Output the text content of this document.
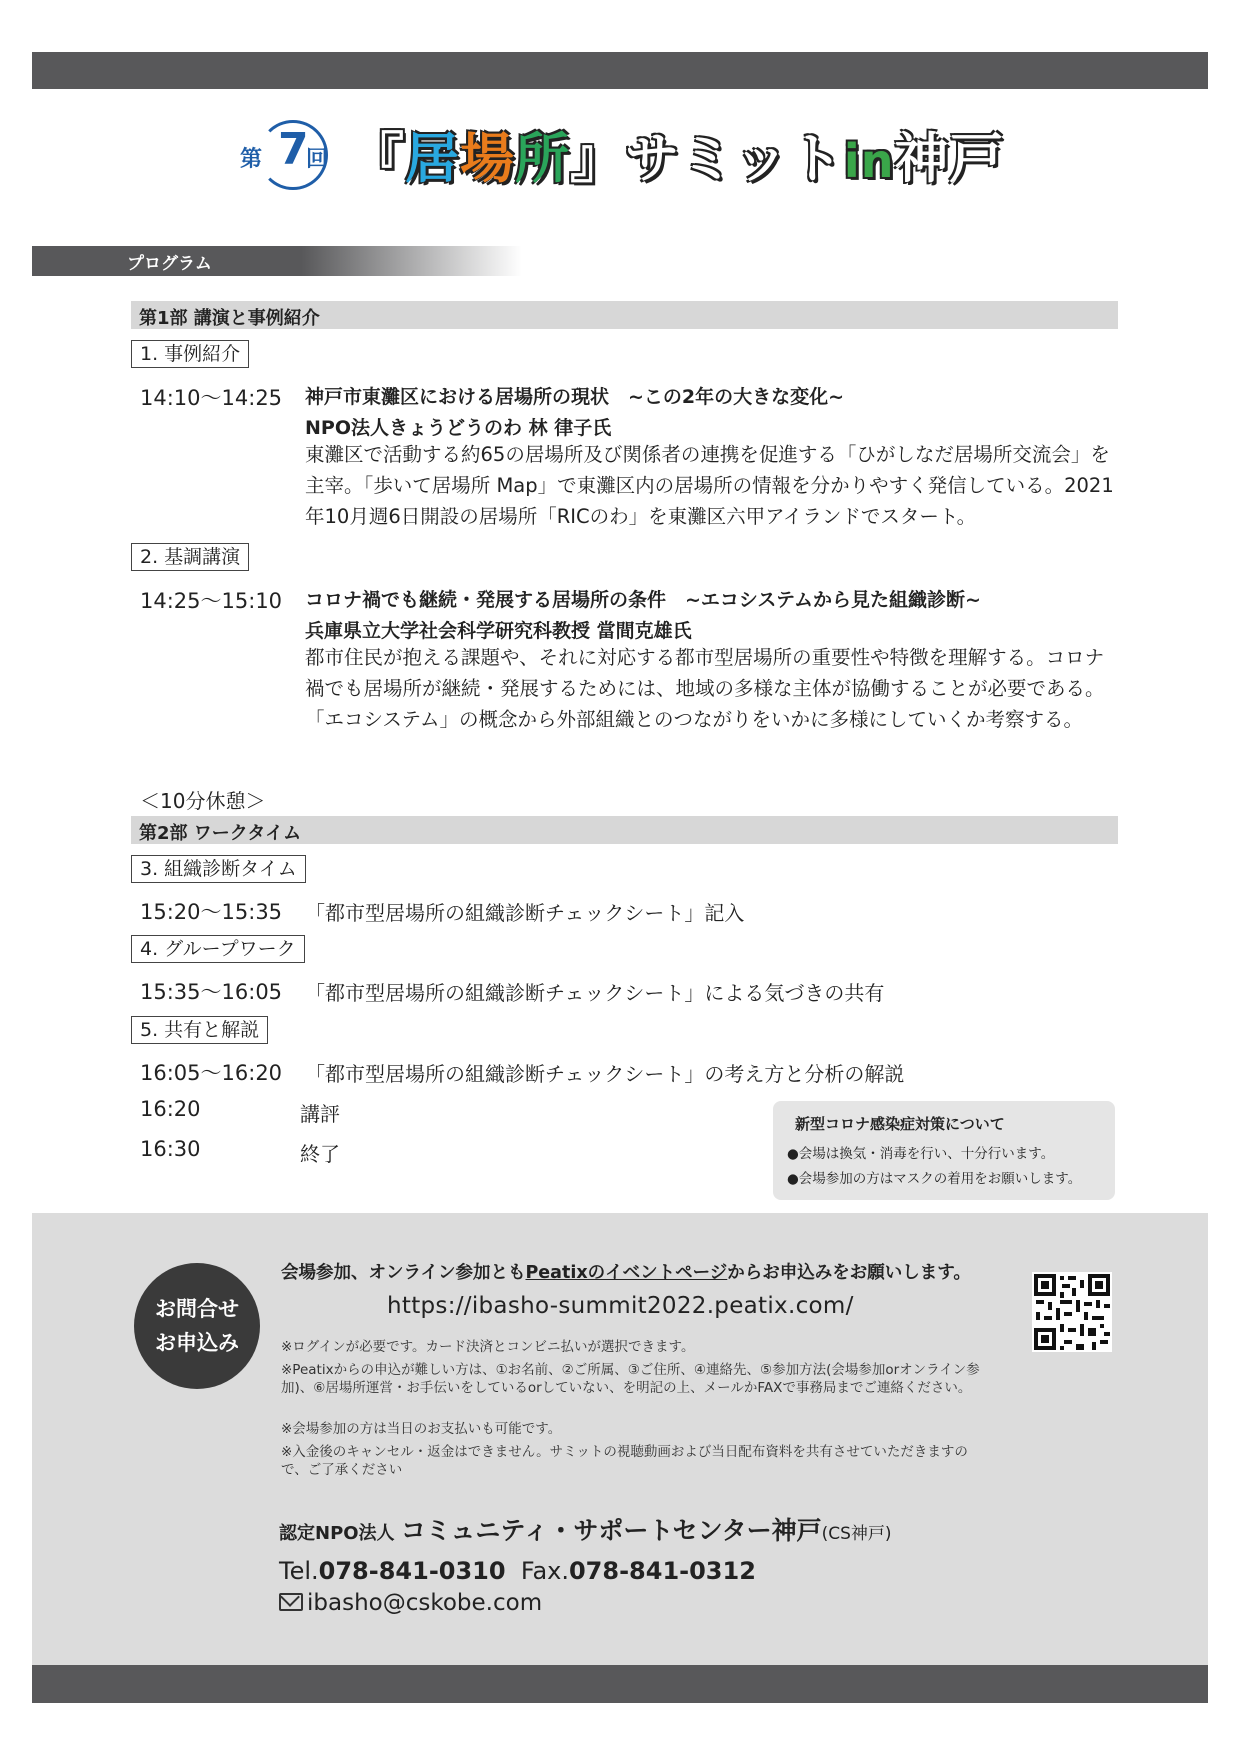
第 7
回 『居場所』サミットin神戸
プログラム
第1部 講演と事例紹介
1. 事例紹介
14:10〜14:25 神戸市東灘区における居場所の現状　~この2年の大きな変化~
NPO法人きょうどうのわ 林 律子氏
東灘区で活動する約65の居場所及び関係者の連携を促進する「ひがしなだ居場所交流会」を主宰。「歩いて居場所 Map」で東灘区内の居場所の情報を分かりやすく発信している。2021年10月週6日開設の居場所「RICのわ」を東灘区六甲アイランドでスタート。
2. 基調講演
14:25〜15:10 コロナ禍でも継続・発展する居場所の条件　~エコシステムから見た組織診断~
兵庫県立大学社会科学研究科教授 當間克雄氏
都市住民が抱える課題や、それに対応する都市型居場所の重要性や特徴を理解する。コロナ禍でも居場所が継続・発展するためには、地域の多様な主体が協働することが必要である。「エコシステム」の概念から外部組織とのつながりをいかに多様にしていくか考察する。
＜10分休憩＞
第2部 ワークタイム
3. 組織診断タイム
15:20〜15:35 「都市型居場所の組織診断チェックシート」記入
4. グループワーク
15:35〜16:05 「都市型居場所の組織診断チェックシート」による気づきの共有
5. 共有と解説
16:05〜16:20 「都市型居場所の組織診断チェックシート」の考え方と分析の解説
16:20	講評
16:30	終了
新型コロナ感染症対策について
●会場は換気・消毒を行い、十分行います。
●会場参加の方はマスクの着用をお願いします。
お問合せ
お申込み
会場参加、オンライン参加ともPeatixのイベントページからお申込みをお願いします。
https://ibasho-summit2022.peatix.com/
※ログインが必要です。カード決済とコンビニ払いが選択できます。
※Peatixからの申込が難しい方は、①お名前、②ご所属、③ご住所、④連絡先、⑤参加方法(会場参加orオンライン参加)、⑥居場所運営・お手伝いをしているorしていない、を明記の上、メールかFAXで事務局までご連絡ください。
※会場参加の方は当日のお支払いも可能です。
※入金後のキャンセル・返金はできません。サミットの視聴動画および当日配布資料を共有させていただきますので、ご了承ください
認定NPO法人 コミュニティ・サポートセンター神戸(CS神戸)
Tel.078-841-0310 Fax.078-841-0312
ibasho@cskobe.com
